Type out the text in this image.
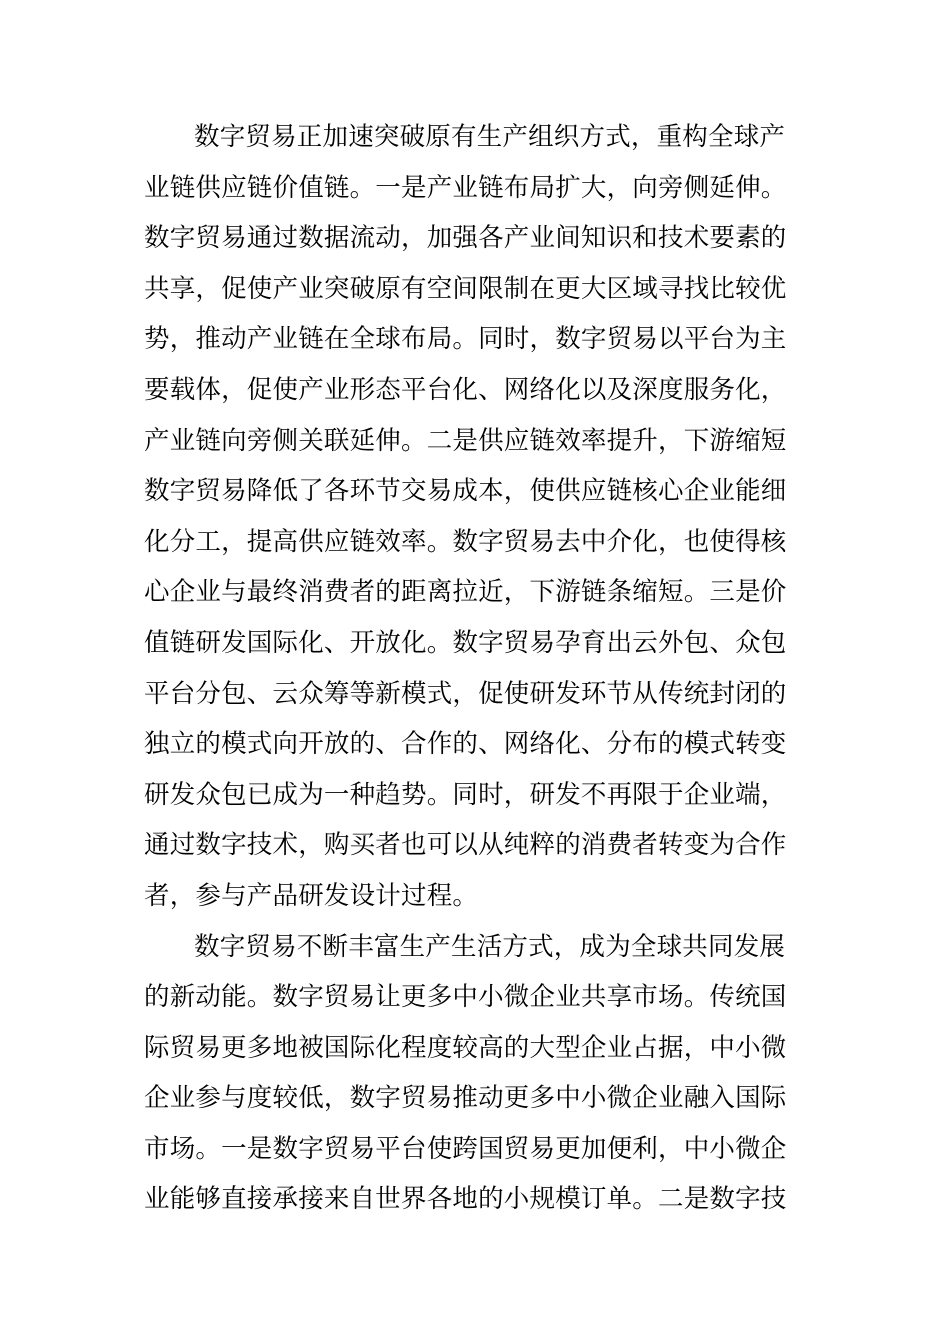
数字贸易正加速突破原有生产组织方式，重构全球产
业链供应链价值链。一是产业链布局扩大，向旁侧延伸。
数字贸易通过数据流动，加强各产业间知识和技术要素的
共享，促使产业突破原有空间限制在更大区域寻找比较优
势，推动产业链在全球布局。同时，数字贸易以平台为主
要载体，促使产业形态平台化、网络化以及深度服务化，
产业链向旁侧关联延伸。二是供应链效率提升，下游缩短
数字贸易降低了各环节交易成本，使供应链核心企业能细
化分工，提高供应链效率。数字贸易去中介化，也使得核
心企业与最终消费者的距离拉近，下游链条缩短。三是价
值链研发国际化、开放化。数字贸易孕育出云外包、众包
平台分包、云众筹等新模式，促使研发环节从传统封闭的
独立的模式向开放的、合作的、网络化、分布的模式转变
研发众包已成为一种趋势。同时，研发不再限于企业端，
通过数字技术，购买者也可以从纯粹的消费者转变为合作
者，参与产品研发设计过程。
数字贸易不断丰富生产生活方式，成为全球共同发展
的新动能。数字贸易让更多中小微企业共享市场。传统国
际贸易更多地被国际化程度较高的大型企业占据，中小微
企业参与度较低，数字贸易推动更多中小微企业融入国际
市场。一是数字贸易平台使跨国贸易更加便利，中小微企
业能够直接承接来自世界各地的小规模订单。二是数字技
